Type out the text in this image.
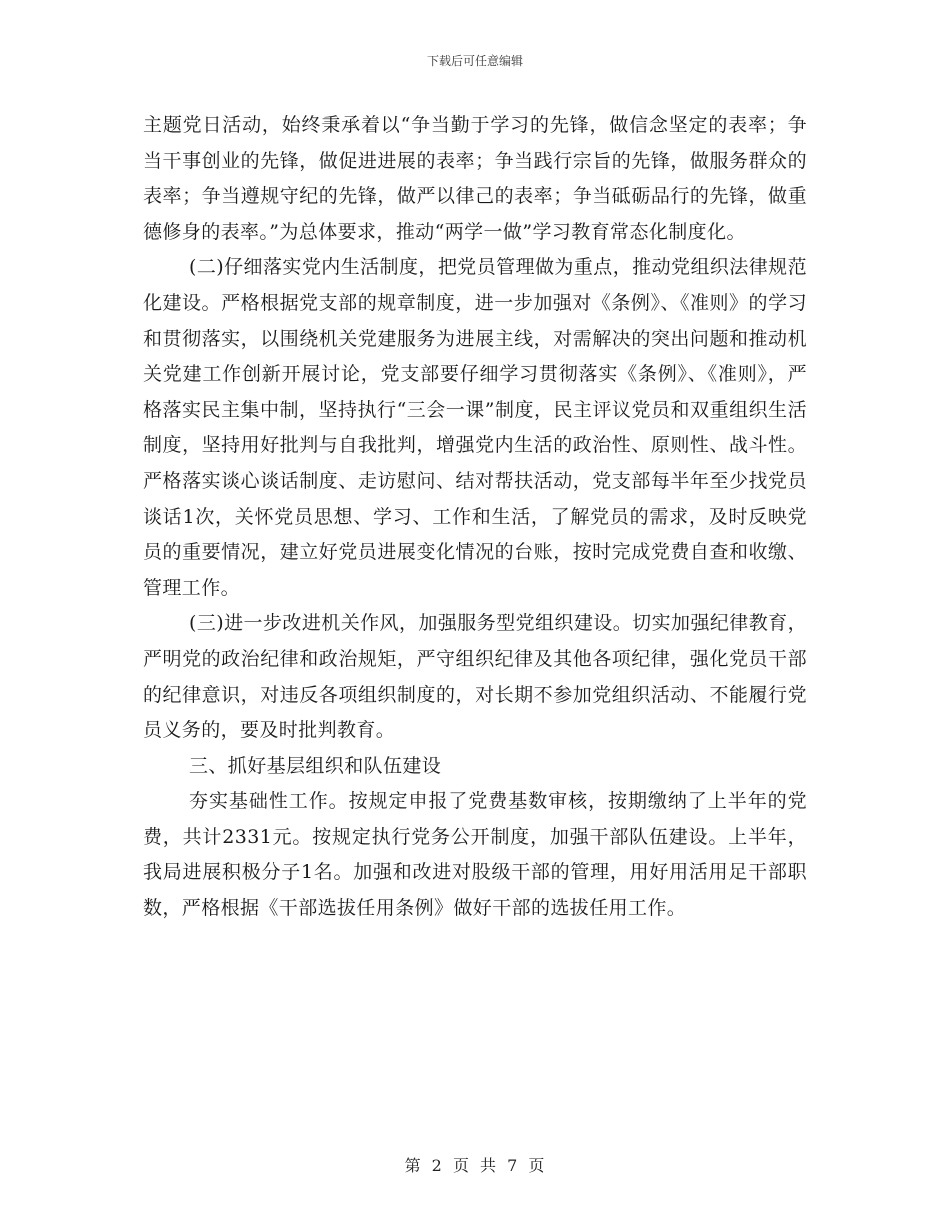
下载后可任意编辑

主题党日活动，始终秉承着以“争当勤于学习的先锋，做信念坚定的表率；争当干事创业的先锋，做促进进展的表率；争当践行宗旨的先锋，做服务群众的表率；争当遵规守纪的先锋，做严以律己的表率；争当砥砺品行的先锋，做重德修身的表率。”为总体要求，推动“两学一做”学习教育常态化制度化。

(二)仔细落实党内生活制度，把党员管理做为重点，推动党组织法律规范化建设。严格根据党支部的规章制度，进一步加强对《条例》、《准则》的学习和贯彻落实，以围绕机关党建服务为进展主线，对需解决的突出问题和推动机关党建工作创新开展讨论，党支部要仔细学习贯彻落实《条例》、《准则》，严格落实民主集中制，坚持执行“三会一课”制度，民主评议党员和双重组织生活制度，坚持用好批判与自我批判，增强党内生活的政治性、原则性、战斗性。严格落实谈心谈话制度、走访慰问、结对帮扶活动，党支部每半年至少找党员谈话1次，关怀党员思想、学习、工作和生活，了解党员的需求，及时反映党员的重要情况，建立好党员进展变化情况的台账，按时完成党费自查和收缴、管理工作。

(三)进一步改进机关作风，加强服务型党组织建设。切实加强纪律教育，严明党的政治纪律和政治规矩，严守组织纪律及其他各项纪律，强化党员干部的纪律意识，对违反各项组织制度的，对长期不参加党组织活动、不能履行党员义务的，要及时批判教育。

三、抓好基层组织和队伍建设

夯实基础性工作。按规定申报了党费基数审核，按期缴纳了上半年的党费，共计2331元。按规定执行党务公开制度，加强干部队伍建设。上半年，我局进展积极分子1名。加强和改进对股级干部的管理，用好用活用足干部职数，严格根据《干部选拔任用条例》做好干部的选拔任用工作。

第 2 页 共 7 页
